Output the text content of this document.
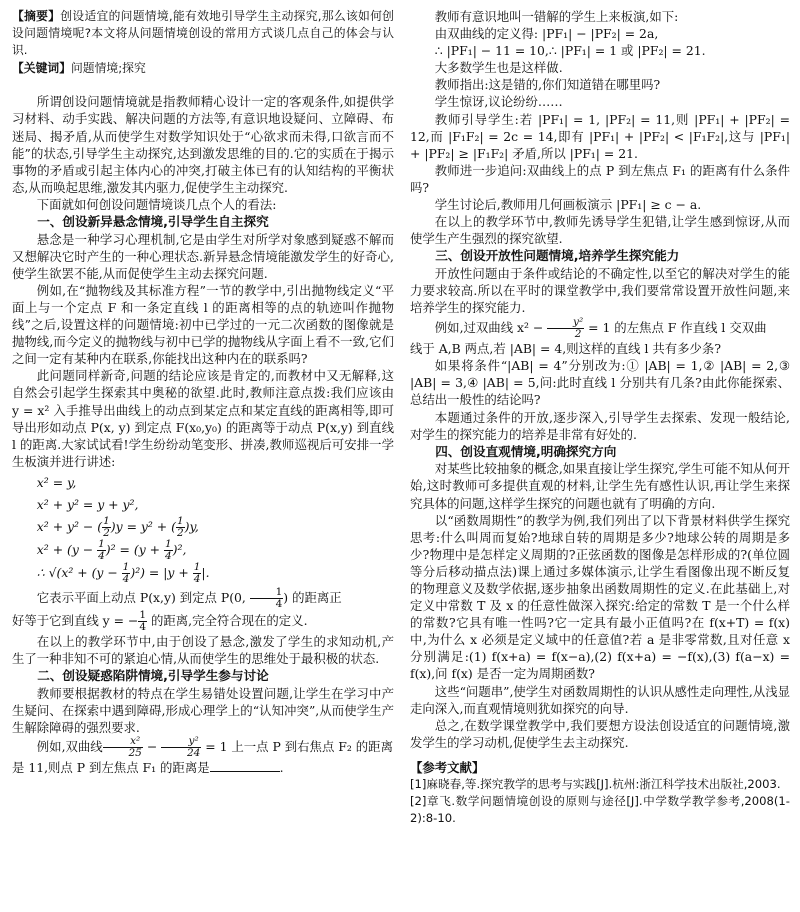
【摘要】创设适宜的问题情境,能有效地引导学生主动探究,那么该如何创设问题情境呢?本文将从问题情境创设的常用方式谈几点自己的体会与认识.

【关键词】问题情境;探究

所谓创设问题情境就是指教师精心设计一定的客观条件,如提供学习材料、动手实践、解决问题的方法等,有意识地设疑问、立障碍、布迷局、揭矛盾,从而使学生对数学知识处于“心欲求而未得,口欲言而不能”的状态,引导学生主动探究,达到激发思维的目的.它的实质在于揭示事物的矛盾或引起主体内心的冲突,打破主体已有的认知结构的平衡状态,从而唤起思维,激发其内驱力,促使学生主动探究.

下面就如何创设问题情境谈几点个人的看法:

一、创设新异悬念情境,引导学生自主探究

悬念是一种学习心理机制,它是由学生对所学对象感到疑惑不解而又想解决它时产生的一种心理状态.新异悬念情境能激发学生的好奇心,使学生欲罢不能,从而促使学生主动去探究问题.

例如,在“抛物线及其标准方程”一节的教学中,引出抛物线定义“平面上与一个定点 F 和一条定直线 l 的距离相等的点的轨迹叫作抛物线”之后,设置这样的问题情境:初中已学过的一元二次函数的图像就是抛物线,而今定义的抛物线与初中已学的抛物线从字面上看不一致,它们之间一定有某种内在联系,你能找出这种内在的联系吗?

此问题同样新奇,问题的结论应该是肯定的,而教材中又无解释,这自然会引起学生探索其中奥秘的欲望.此时,教师注意点拨:我们应该由 y = x² 入手推导出曲线上的动点到某定点和某定直线的距离相等,即可导出形如动点 P(x, y) 到定点 F(x₀,y₀) 的距离等于动点 P(x,y) 到直线 l 的距离.大家试试看!学生纷纷动笔变形、拼凑,教师巡视后可安排一学生板演并进行讲述:

x² = y,
x² + y² = y + y²,
x² + y² − ( $\frac{1}{2} )y = y^2$ + ( $\frac{1}{2} )y$,
$x^2 + (y - \frac{1}{4} )^2 = (y + \frac{1}{4} )^2$,
∴ $√(x^2 + (y - \frac{1}{4} )^2) = |y + \frac{1}{4}$ |.

它表示平面上动点 P(x,y) 到定点 P(0, $\frac{1}{4}$ ) 的距离正

好等于它到直线 y = − $\frac{1}{4}$ 的距离,完全符合现在的定义.

在以上的教学环节中,由于创设了悬念,激发了学生的求知动机,产生了一种非知不可的紧迫心情,从而使学生的思维处于最积极的状态.

二、创设疑惑陷阱情境,引导学生参与讨论

教师要根据教材的特点在学生易错处设置问题,让学生在学习中产生疑问、在探索中遇到障碍,形成心理学上的“认知冲突”,从而使学生产生解除障碍的强烈要求.

例如,双曲线 $\frac{\text{x²}}{25} - \frac{\text{y²}}{24} = 1$ 上一点 P 到右焦点 F₂ 的距离

是 11,则点 P 到左焦点 F₁ 的距离是	.

教师有意识地叫一错解的学生上来板演,如下:

由双曲线的定义得: |PF₁| − |PF₂| = 2a,

∴ |PF₁| − 11 = 10,∴ |PF₁| = 1 或 |PF₂| = 21.

大多数学生也是这样做.

教师指出:这是错的,你们知道错在哪里吗?

学生惊讶,议论纷纷……

教师引导学生:若 |PF₁| = 1, |PF₂| = 11,则 |PF₁| + |PF₂| = 12,而 |F₁F₂| = 2c = 14,即有 |PF₁| + |PF₂| < |F₁F₂|,这与 |PF₁| + |PF₂| ≥ |F₁F₂| 矛盾,所以 |PF₁| = 21.

教师进一步追问:双曲线上的点 P 到左焦点 F₁ 的距离有什么条件吗?

学生讨论后,教师用几何画板演示 |PF₁| ≥ c − a.

在以上的教学环节中,教师先诱导学生犯错,让学生感到惊讶,从而使学生产生强烈的探究欲望.

三、创设开放性问题情境,培养学生探究能力

开放性问题由于条件或结论的不确定性,以至它的解决对学生的能力要求较高.所以在平时的课堂教学中,我们要常常设置开放性问题,来培养学生的探究能力.

例如,过双曲线 $x^2 - \frac{\text{y²}}{2} = 1$ 的左焦点 F 作直线 l 交双曲

线于 A,B 两点,若 |AB| = 4,则这样的直线 l 共有多少条?

如果将条件“|AB| = 4”分别改为:① |AB| = 1,② |AB| = 2,③ |AB| = 3,④ |AB| = 5,问:此时直线 l 分别共有几条?由此你能探索、总结出一般性的结论吗?

本题通过条件的开放,逐步深入,引导学生去探索、发现一般结论,对学生的探究能力的培养是非常有好处的.

四、创设直观情境,明确探究方向

对某些比较抽象的概念,如果直接让学生探究,学生可能不知从何开始,这时教师可多提供直观的材料,让学生先有感性认识,再让学生来探究具体的问题,这样学生探究的问题也就有了明确的方向.

以“函数周期性”的教学为例,我们列出了以下背景材料供学生探究思考:什么叫周而复始?地球自转的周期是多少?地球公转的周期是多少?物理中是怎样定义周期的?正弦函数的图像是怎样形成的?(单位圆等分后移动描点法)课上通过多媒体演示,让学生看图像出现不断反复的物理意义及数学依据,逐步抽象出函数周期性的定义.在此基础上,对定义中常数 T 及 x 的任意性做深入探究:给定的常数 T 是一个什么样的常数?它具有唯一性吗?它一定具有最小正值吗?在 f(x+T) = f(x) 中,为什么 x 必须是定义域中的任意值?若 a 是非零常数,且对任意 x 分别满足:(1) f(x+a) = f(x−a),(2) f(x+a) = −f(x),(3) f(a−x) = f(x),问 f(x) 是否一定为周期函数?

这些“问题串”,使学生对函数周期性的认识从感性走向理性,从浅显走向深入,而直观情境则犹如探究的向导.

总之,在数学课堂教学中,我们要想方设法创设适宜的问题情境,激发学生的学习动机,促使学生去主动探究.

【参考文献】

[1]麻晓春,等.探究教学的思考与实践[J].杭州:浙江科学技术出版社,2003.

[2]章飞.数学问题情境创设的原则与途径[J].中学数学教学参考,2008(1-2):8-10.
